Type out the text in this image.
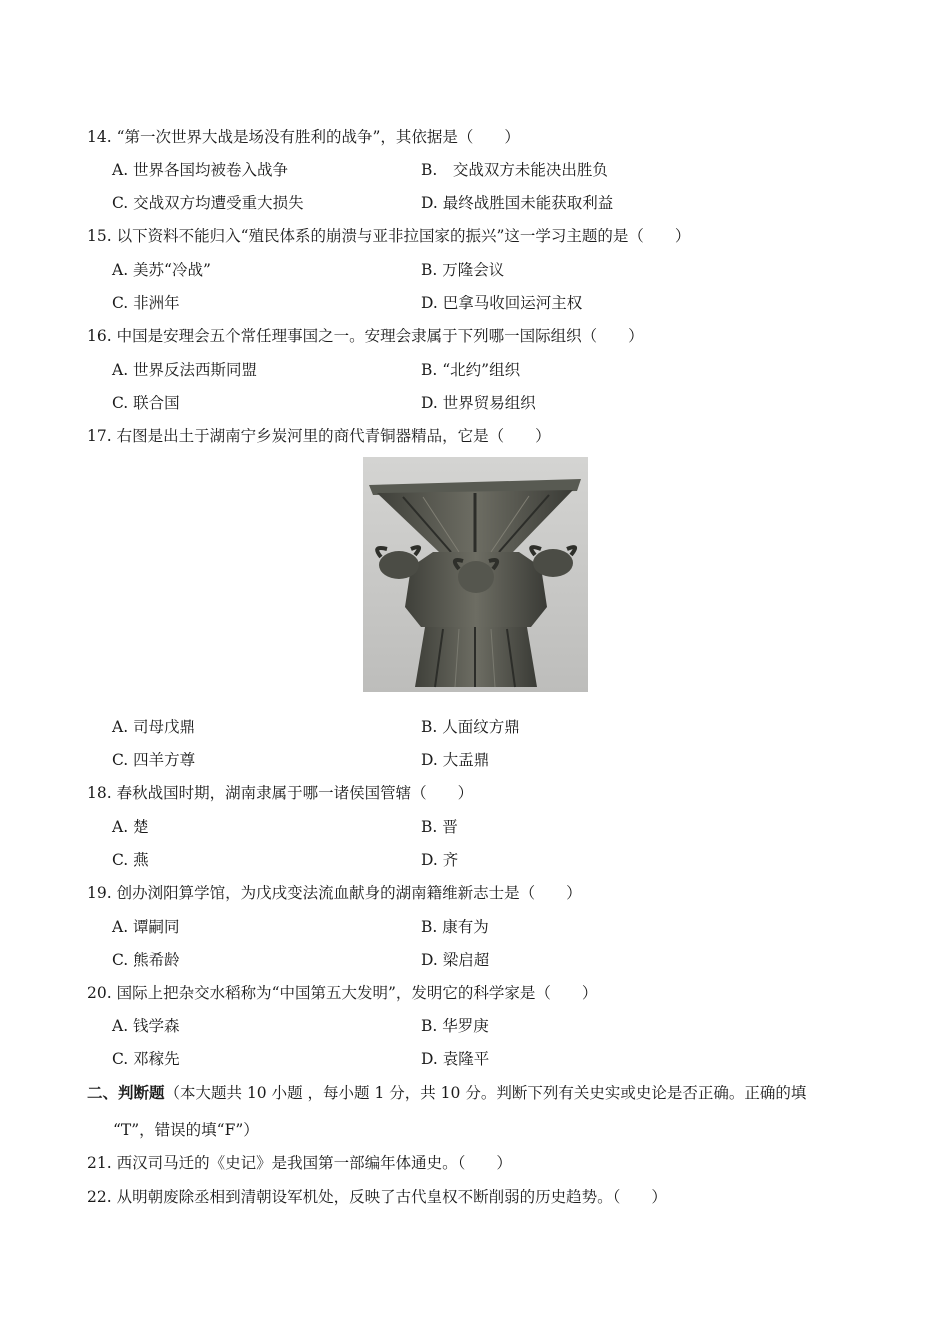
14. “第一次世界大战是场没有胜利的战争”，其依据是（　　）
A. 世界各国均被卷入战争	B.　交战双方未能决出胜负
C. 交战双方均遭受重大损失	D. 最终战胜国未能获取利益
15. 以下资料不能归入“殖民体系的崩溃与亚非拉国家的振兴”这一学习主题的是（　　）
A. 美苏“冷战”	B. 万隆会议
C. 非洲年	D. 巴拿马收回运河主权
16. 中国是安理会五个常任理事国之一。安理会隶属于下列哪一国际组织（　　）
A. 世界反法西斯同盟	B. “北约”组织
C. 联合国	D. 世界贸易组织
17. 右图是出土于湖南宁乡炭河里的商代青铜器精品，它是（　　）
A. 司母戊鼎	B. 人面纹方鼎
C. 四羊方尊	D. 大盂鼎
18. 春秋战国时期，湖南隶属于哪一诸侯国管辖（　　）
A. 楚	B. 晋
C. 燕	D. 齐
19. 创办浏阳算学馆，为戊戌变法流血献身的湖南籍维新志士是（　　）
A. 谭嗣同	B. 康有为
C. 熊希龄	D. 梁启超
20. 国际上把杂交水稻称为“中国第五大发明”，发明它的科学家是（　　）
A. 钱学森	B. 华罗庚
C. 邓稼先	D. 袁隆平
二、判断题（本大题共 10 小题 ，每小题 1 分，共 10 分。判断下列有关史实或史论是否正确。正确的填
“T”，错误的填“F”）
21. 西汉司马迁的《史记》是我国第一部编年体通史。（　　）
22. 从明朝废除丞相到清朝设军机处，反映了古代皇权不断削弱的历史趋势。（　　）
